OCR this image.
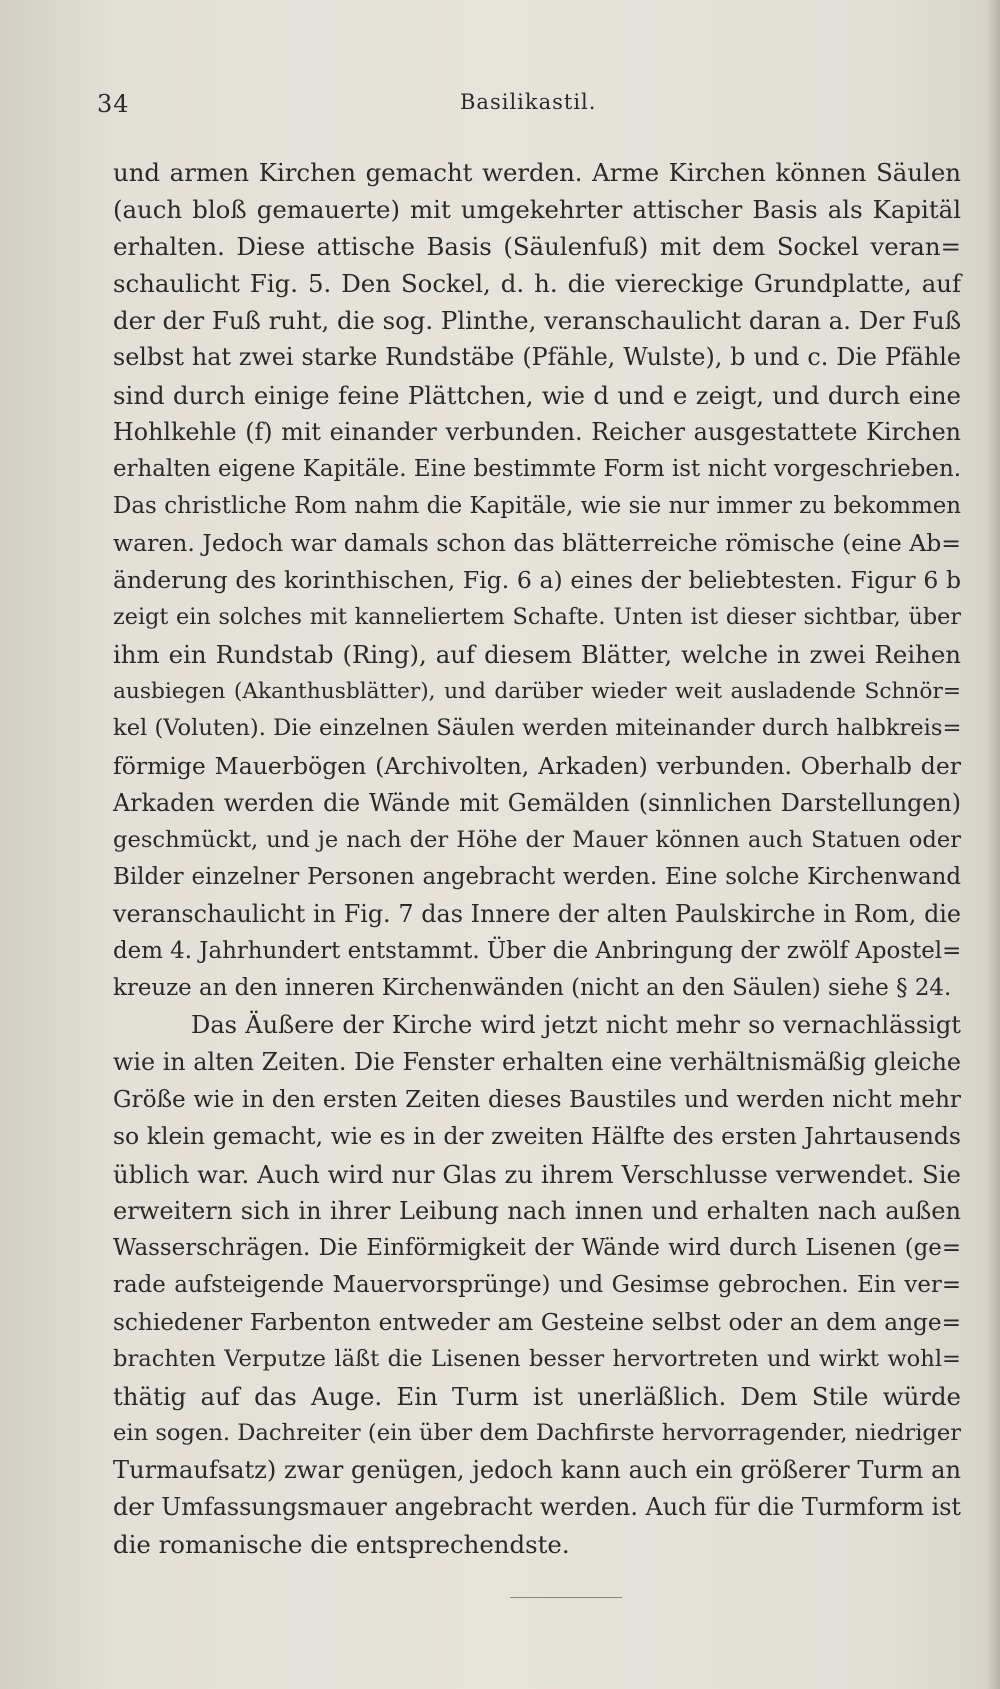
34	Basilikastil.
und armen Kirchen gemacht werden. Arme Kirchen können Säulen
(auch bloß gemauerte) mit umgekehrter attischer Basis als Kapitäl
erhalten. Diese attische Basis (Säulenfuß) mit dem Sockel veran=
schaulicht Fig. 5. Den Sockel, d. h. die viereckige Grundplatte, auf
der der Fuß ruht, die sog. Plinthe, veranschaulicht daran a. Der Fuß
selbst hat zwei starke Rundstäbe (Pfähle, Wulste), b und c. Die Pfähle
sind durch einige feine Plättchen, wie d und e zeigt, und durch eine
Hohlkehle (f) mit einander verbunden. Reicher ausgestattete Kirchen
erhalten eigene Kapitäle. Eine bestimmte Form ist nicht vorgeschrieben.
Das christliche Rom nahm die Kapitäle, wie sie nur immer zu bekommen
waren. Jedoch war damals schon das blätterreiche römische (eine Ab=
änderung des korinthischen, Fig. 6 a) eines der beliebtesten. Figur 6 b
zeigt ein solches mit kanneliertem Schafte. Unten ist dieser sichtbar, über
ihm ein Rundstab (Ring), auf diesem Blätter, welche in zwei Reihen
ausbiegen (Akanthusblätter), und darüber wieder weit ausladende Schnör=
kel (Voluten). Die einzelnen Säulen werden miteinander durch halbkreis=
förmige Mauerbögen (Archivolten, Arkaden) verbunden. Oberhalb der
Arkaden werden die Wände mit Gemälden (sinnlichen Darstellungen)
geschmückt, und je nach der Höhe der Mauer können auch Statuen oder
Bilder einzelner Personen angebracht werden. Eine solche Kirchenwand
veranschaulicht in Fig. 7 das Innere der alten Paulskirche in Rom, die
dem 4. Jahrhundert entstammt. Über die Anbringung der zwölf Apostel=
kreuze an den inneren Kirchenwänden (nicht an den Säulen) siehe § 24.
Das Äußere der Kirche wird jetzt nicht mehr so vernachlässigt
wie in alten Zeiten. Die Fenster erhalten eine verhältnismäßig gleiche
Größe wie in den ersten Zeiten dieses Baustiles und werden nicht mehr
so klein gemacht, wie es in der zweiten Hälfte des ersten Jahrtausends
üblich war. Auch wird nur Glas zu ihrem Verschlusse verwendet. Sie
erweitern sich in ihrer Leibung nach innen und erhalten nach außen
Wasserschrägen. Die Einförmigkeit der Wände wird durch Lisenen (ge=
rade aufsteigende Mauervorsprünge) und Gesimse gebrochen. Ein ver=
schiedener Farbenton entweder am Gesteine selbst oder an dem ange=
brachten Verputze läßt die Lisenen besser hervortreten und wirkt wohl=
thätig auf das Auge. Ein Turm ist unerläßlich. Dem Stile würde
ein sogen. Dachreiter (ein über dem Dachfirste hervorragender, niedriger
Turmaufsatz) zwar genügen, jedoch kann auch ein größerer Turm an
der Umfassungsmauer angebracht werden. Auch für die Turmform ist
die romanische die entsprechendste.
